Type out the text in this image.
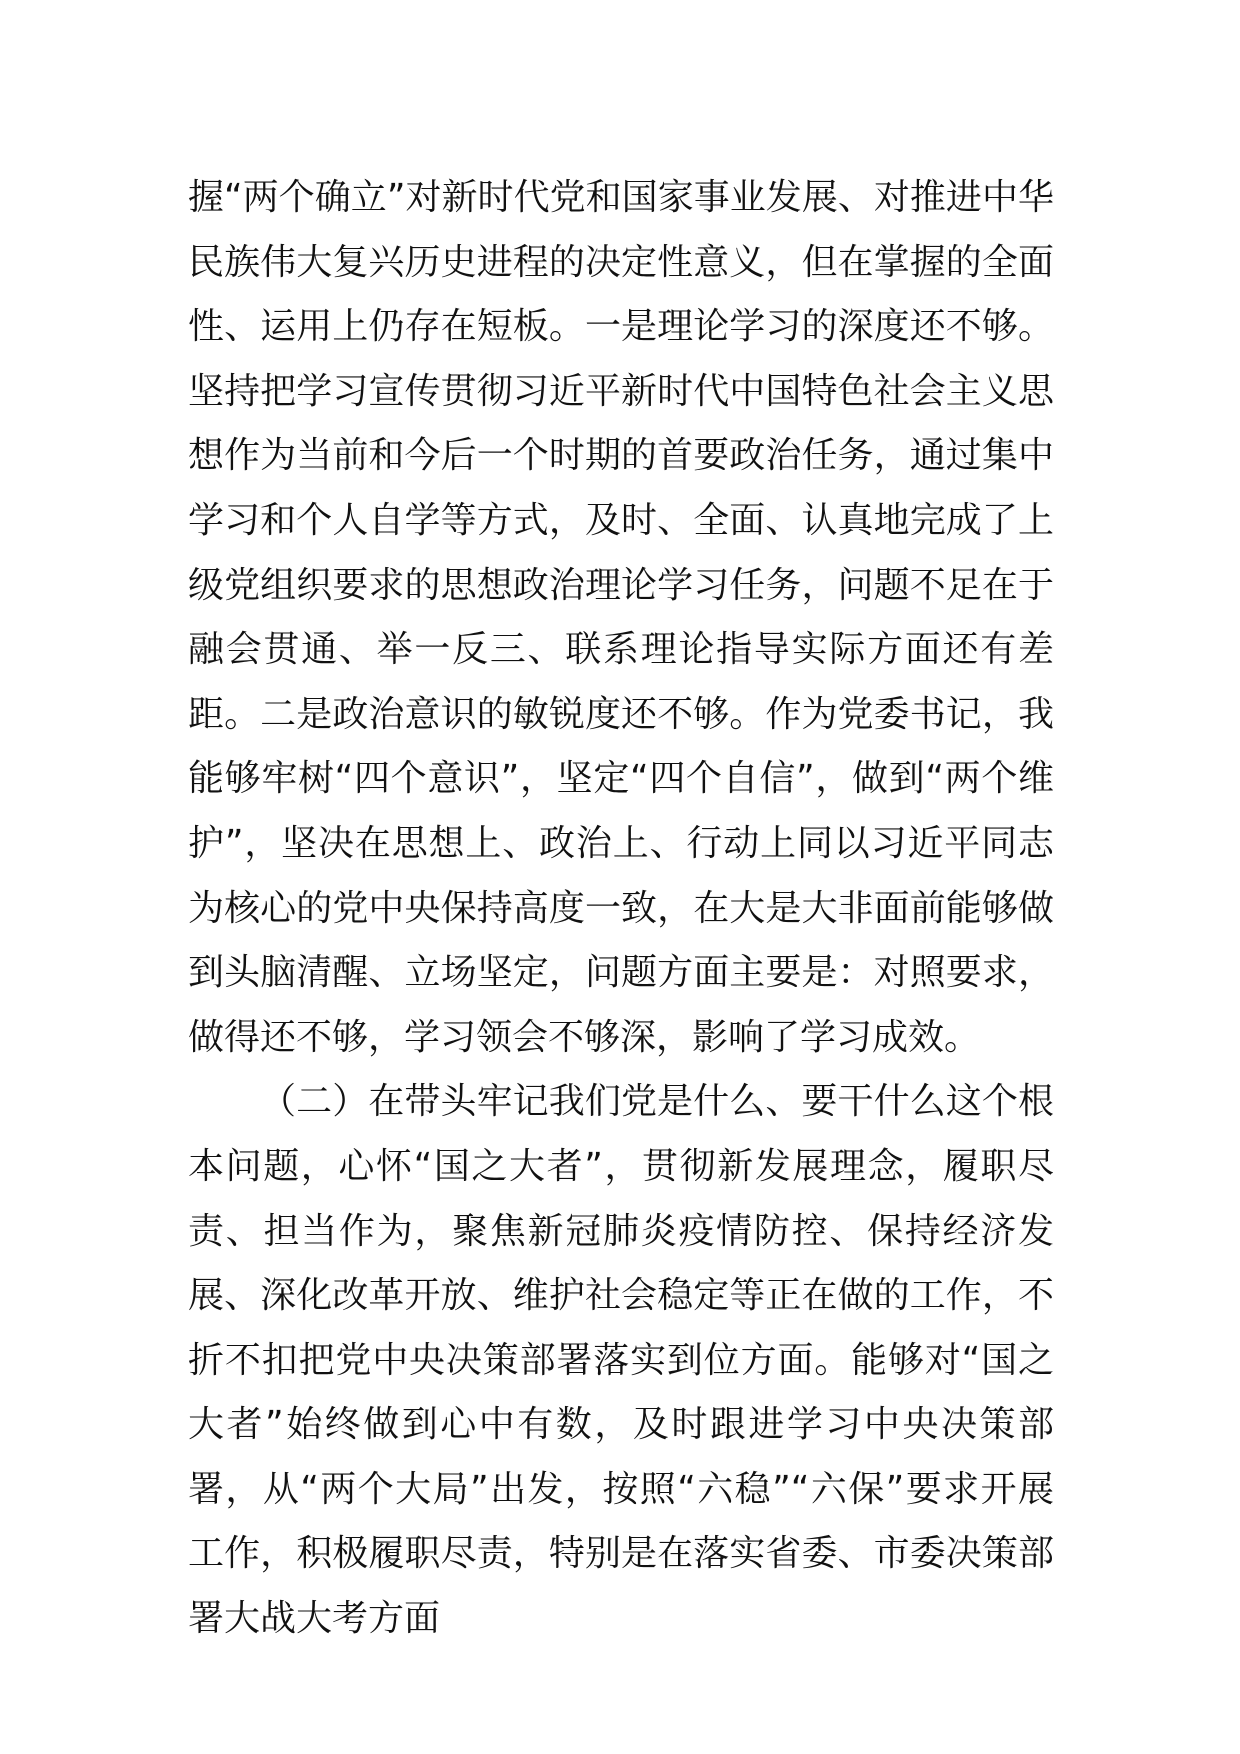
握“两个确立”对新时代党和国家事业发展、对推进中华民族伟大复兴历史进程的决定性意义，但在掌握的全面性、运用上仍存在短板。一是理论学习的深度还不够。坚持把学习宣传贯彻习近平新时代中国特色社会主义思想作为当前和今后一个时期的首要政治任务，通过集中学习和个人自学等方式，及时、全面、认真地完成了上级党组织要求的思想政治理论学习任务，问题不足在于融会贯通、举一反三、联系理论指导实际方面还有差距。二是政治意识的敏锐度还不够。作为党委书记，我能够牢树“四个意识”，坚定“四个自信”，做到“两个维护”，坚决在思想上、政治上、行动上同以习近平同志为核心的党中央保持高度一致，在大是大非面前能够做到头脑清醒、立场坚定，问题方面主要是：对照要求，做得还不够，学习领会不够深，影响了学习成效。

（二）在带头牢记我们党是什么、要干什么这个根本问题，心怀“国之大者”，贯彻新发展理念，履职尽责、担当作为，聚焦新冠肺炎疫情防控、保持经济发展、深化改革开放、维护社会稳定等正在做的工作，不折不扣把党中央决策部署落实到位方面。能够对“国之大者”始终做到心中有数，及时跟进学习中央决策部署，从“两个大局”出发，按照“六稳”“六保”要求开展工作，积极履职尽责，特别是在落实省委、市委决策部署大战大考方面
